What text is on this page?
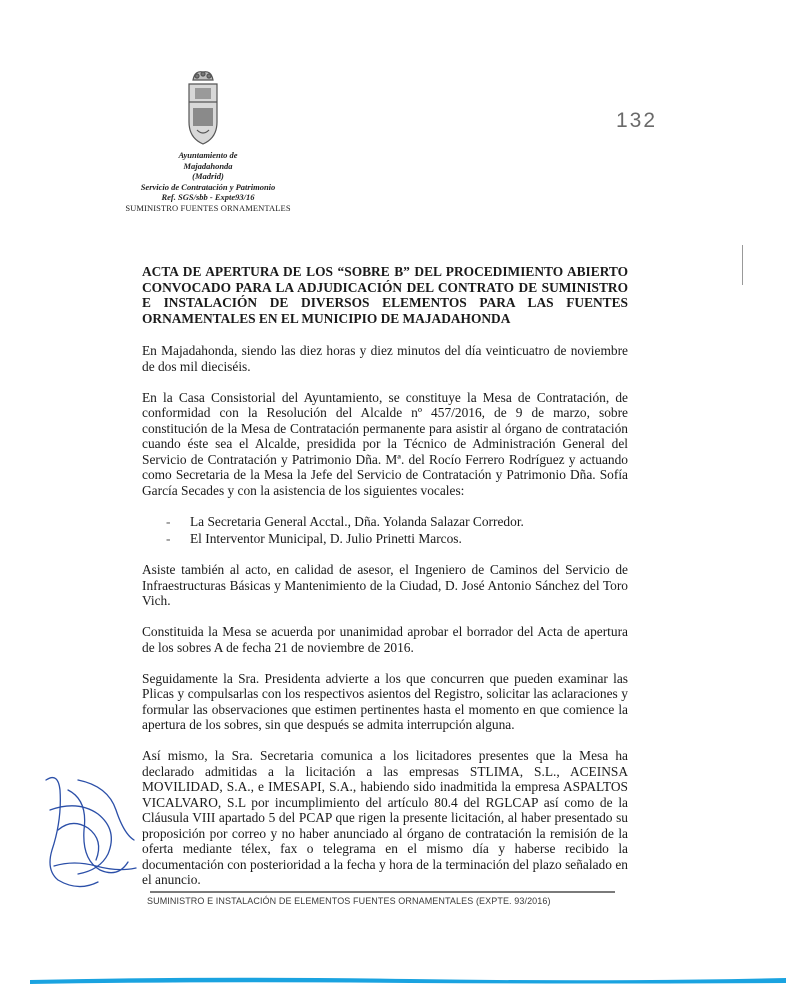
Ayuntamiento de
Majadahonda
(Madrid)
Servicio de Contratación y Patrimonio
Ref. SGS/sbb - Expte93/16
SUMINISTRO FUENTES ORNAMENTALES
132
ACTA DE APERTURA DE LOS “SOBRE B” DEL PROCEDIMIENTO ABIERTO CONVOCADO PARA LA ADJUDICACIÓN DEL CONTRATO DE SUMINISTRO E INSTALACIÓN DE DIVERSOS ELEMENTOS PARA LAS FUENTES ORNAMENTALES EN EL MUNICIPIO DE MAJADAHONDA

En Majadahonda, siendo las diez horas y diez minutos del día veinticuatro de noviembre de dos mil dieciséis.

En la Casa Consistorial del Ayuntamiento, se constituye la Mesa de Contratación, de conformidad con la Resolución del Alcalde nº 457/2016, de 9 de marzo, sobre constitución de la Mesa de Contratación permanente para asistir al órgano de contratación cuando éste sea el Alcalde, presidida por la Técnico de Administración General del Servicio de Contratación y Patrimonio Dña. Mª. del Rocío Ferrero Rodríguez y actuando como Secretaria de la Mesa la Jefe del Servicio de Contratación y Patrimonio Dña. Sofía García Secades y con la asistencia de los siguientes vocales:

- La Secretaria General Acctal., Dña. Yolanda Salazar Corredor.
- El Interventor Municipal, D. Julio Prinetti Marcos.

Asiste también al acto, en calidad de asesor, el Ingeniero de Caminos del Servicio de Infraestructuras Básicas y Mantenimiento de la Ciudad, D. José Antonio Sánchez del Toro Vich.

Constituida la Mesa se acuerda por unanimidad aprobar el borrador del Acta de apertura de los sobres A de fecha 21 de noviembre de 2016.

Seguidamente la Sra. Presidenta advierte a los que concurren que pueden examinar las Plicas y compulsarlas con los respectivos asientos del Registro, solicitar las aclaraciones y formular las observaciones que estimen pertinentes hasta el momento en que comience la apertura de los sobres, sin que después se admita interrupción alguna.

Así mismo, la Sra. Secretaria comunica a los licitadores presentes que la Mesa ha declarado admitidas a la licitación a las empresas STLIMA, S.L., ACEINSA MOVILIDAD, S.A., e IMESAPI, S.A., habiendo sido inadmitida la empresa ASPALTOS VICALVARO, S.L por incumplimiento del artículo 80.4 del RGLCAP así como de la Cláusula VIII apartado 5 del PCAP que rigen la presente licitación, al haber presentado su proposición por correo y no haber anunciado al órgano de contratación la remisión de la oferta mediante télex, fax o telegrama en el mismo día y haberse recibido la documentación con posterioridad a la fecha y hora de la terminación del plazo señalado en el anuncio.

SUMINISTRO E INSTALACIÓN DE ELEMENTOS FUENTES ORNAMENTALES (EXPTE. 93/2016)
